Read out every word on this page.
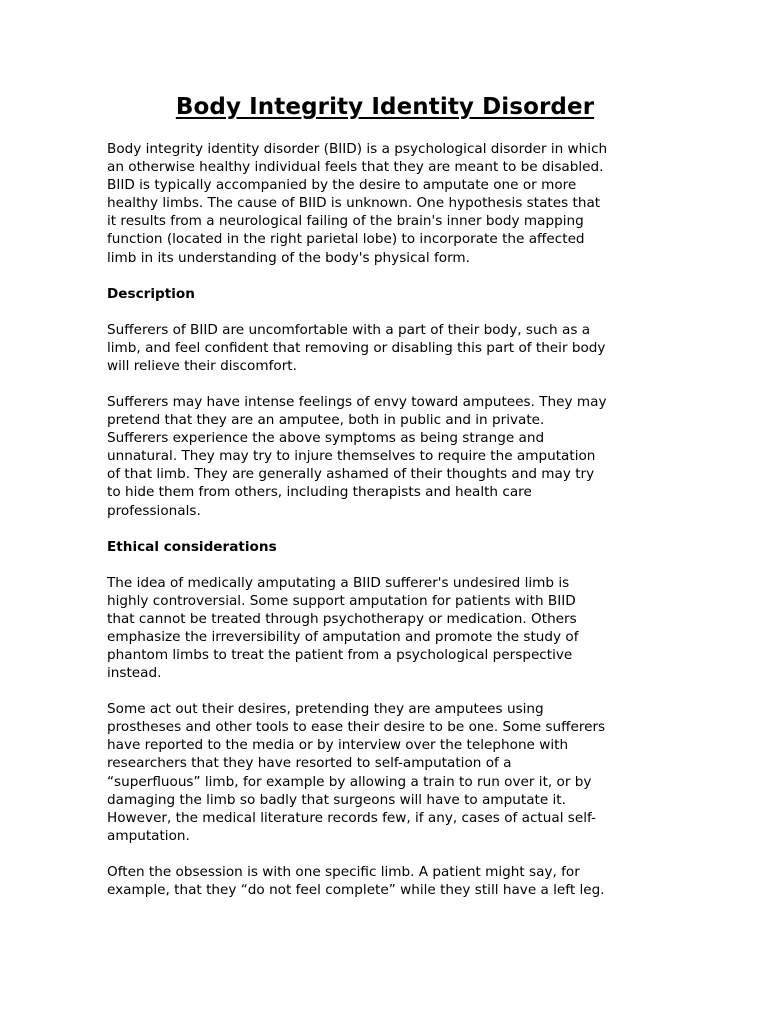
Body Integrity Identity Disorder

Body integrity identity disorder (BIID) is a psychological disorder in which
an otherwise healthy individual feels that they are meant to be disabled.
BIID is typically accompanied by the desire to amputate one or more
healthy limbs. The cause of BIID is unknown. One hypothesis states that
it results from a neurological failing of the brain's inner body mapping
function (located in the right parietal lobe) to incorporate the affected
limb in its understanding of the body's physical form.

Description

Sufferers of BIID are uncomfortable with a part of their body, such as a
limb, and feel confident that removing or disabling this part of their body
will relieve their discomfort.

Sufferers may have intense feelings of envy toward amputees. They may
pretend that they are an amputee, both in public and in private.
Sufferers experience the above symptoms as being strange and
unnatural. They may try to injure themselves to require the amputation
of that limb. They are generally ashamed of their thoughts and may try
to hide them from others, including therapists and health care
professionals.

Ethical considerations

The idea of medically amputating a BIID sufferer's undesired limb is
highly controversial. Some support amputation for patients with BIID
that cannot be treated through psychotherapy or medication. Others
emphasize the irreversibility of amputation and promote the study of
phantom limbs to treat the patient from a psychological perspective
instead.

Some act out their desires, pretending they are amputees using
prostheses and other tools to ease their desire to be one. Some sufferers
have reported to the media or by interview over the telephone with
researchers that they have resorted to self-amputation of a
“superfluous” limb, for example by allowing a train to run over it, or by
damaging the limb so badly that surgeons will have to amputate it.
However, the medical literature records few, if any, cases of actual self-
amputation.

Often the obsession is with one specific limb. A patient might say, for
example, that they “do not feel complete” while they still have a left leg.
